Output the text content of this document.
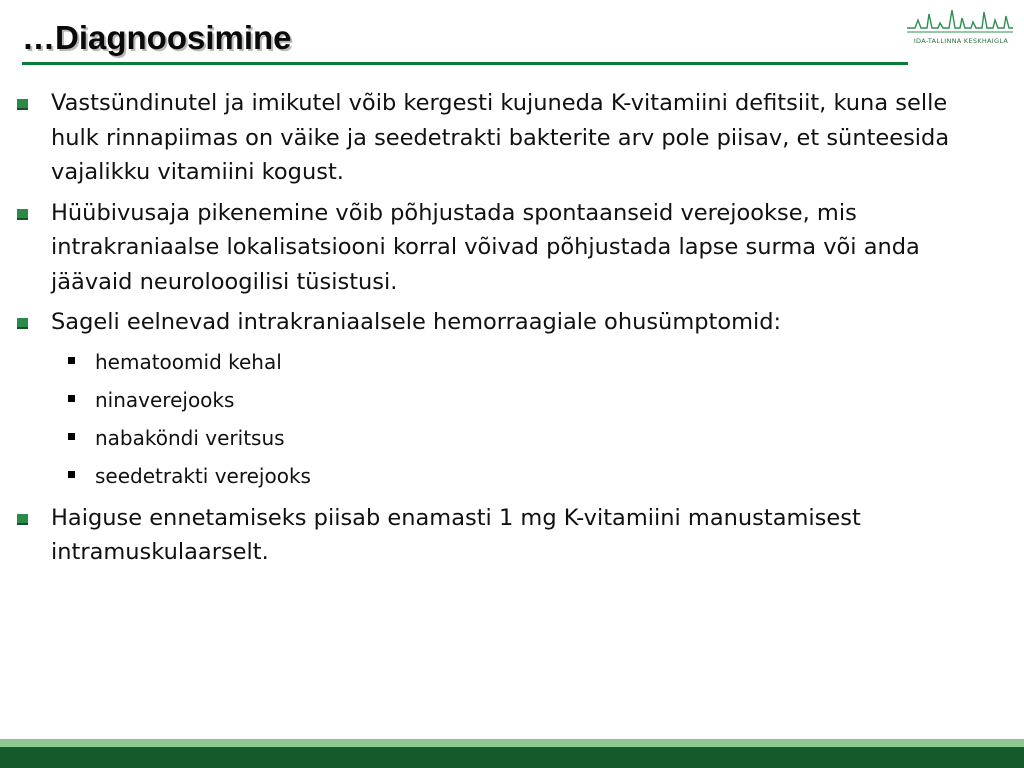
…Diagnoosimine	IDA-TALLINNA KESKHAIGLA
Vastsündinutel ja imikutel võib kergesti kujuneda K-vitamiini defitsiit, kuna selle hulk rinnapiimas on väike ja seedetrakti bakterite arv pole piisav, et sünteesida vajalikku vitamiini kogust.
Hüübivusaja pikenemine võib põhjustada spontaanseid verejookse, mis intrakraniaalse lokalisatsiooni korral võivad põhjustada lapse surma või anda jäävaid neuroloogilisi tüsistusi.
Sageli eelnevad intrakraniaalsele hemorraagiale ohusümptomid:
hematoomid kehal
ninaverejooks
nabaköndi veritsus
seedetrakti verejooks
Haiguse ennetamiseks piisab enamasti 1 mg K-vitamiini manustamisest intramuskulaarselt.
